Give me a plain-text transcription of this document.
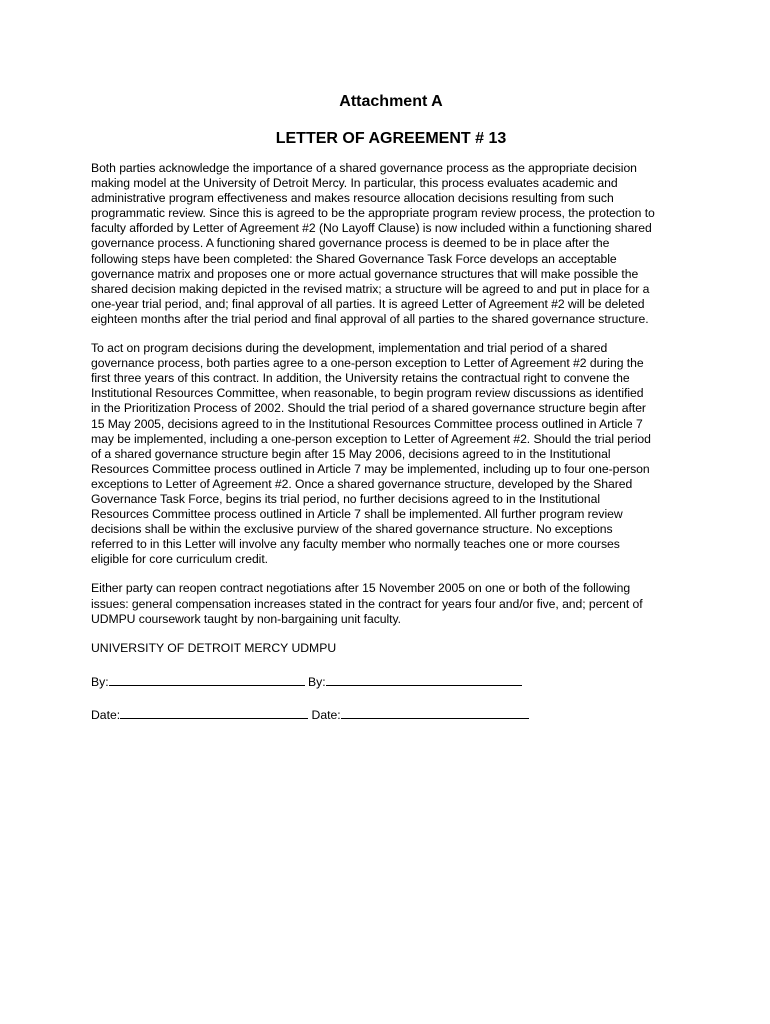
Attachment A
LETTER OF AGREEMENT # 13

Both parties acknowledge the importance of a shared governance process as the appropriate decision
making model at the University of Detroit Mercy. In particular, this process evaluates academic and
administrative program effectiveness and makes resource allocation decisions resulting from such
programmatic review. Since this is agreed to be the appropriate program review process, the protection to
faculty afforded by Letter of Agreement #2 (No Layoff Clause) is now included within a functioning shared
governance process. A functioning shared governance process is deemed to be in place after the
following steps have been completed: the Shared Governance Task Force develops an acceptable
governance matrix and proposes one or more actual governance structures that will make possible the
shared decision making depicted in the revised matrix; a structure will be agreed to and put in place for a
one-year trial period, and; final approval of all parties. It is agreed Letter of Agreement #2 will be deleted
eighteen months after the trial period and final approval of all parties to the shared governance structure.

To act on program decisions during the development, implementation and trial period of a shared
governance process, both parties agree to a one-person exception to Letter of Agreement #2 during the
first three years of this contract. In addition, the University retains the contractual right to convene the
Institutional Resources Committee, when reasonable, to begin program review discussions as identified
in the Prioritization Process of 2002. Should the trial period of a shared governance structure begin after
15 May 2005, decisions agreed to in the Institutional Resources Committee process outlined in Article 7
may be implemented, including a one-person exception to Letter of Agreement #2. Should the trial period
of a shared governance structure begin after 15 May 2006, decisions agreed to in the Institutional
Resources Committee process outlined in Article 7 may be implemented, including up to four one-person
exceptions to Letter of Agreement #2. Once a shared governance structure, developed by the Shared
Governance Task Force, begins its trial period, no further decisions agreed to in the Institutional
Resources Committee process outlined in Article 7 shall be implemented. All further program review
decisions shall be within the exclusive purview of the shared governance structure. No exceptions
referred to in this Letter will involve any faculty member who normally teaches one or more courses
eligible for core curriculum credit.

Either party can reopen contract negotiations after 15 November 2005 on one or both of the following
issues: general compensation increases stated in the contract for years four and/or five, and; percent of
UDMPU coursework taught by non-bargaining unit faculty.

UNIVERSITY OF DETROIT MERCY UDMPU
By:	By:
Date:	Date:
